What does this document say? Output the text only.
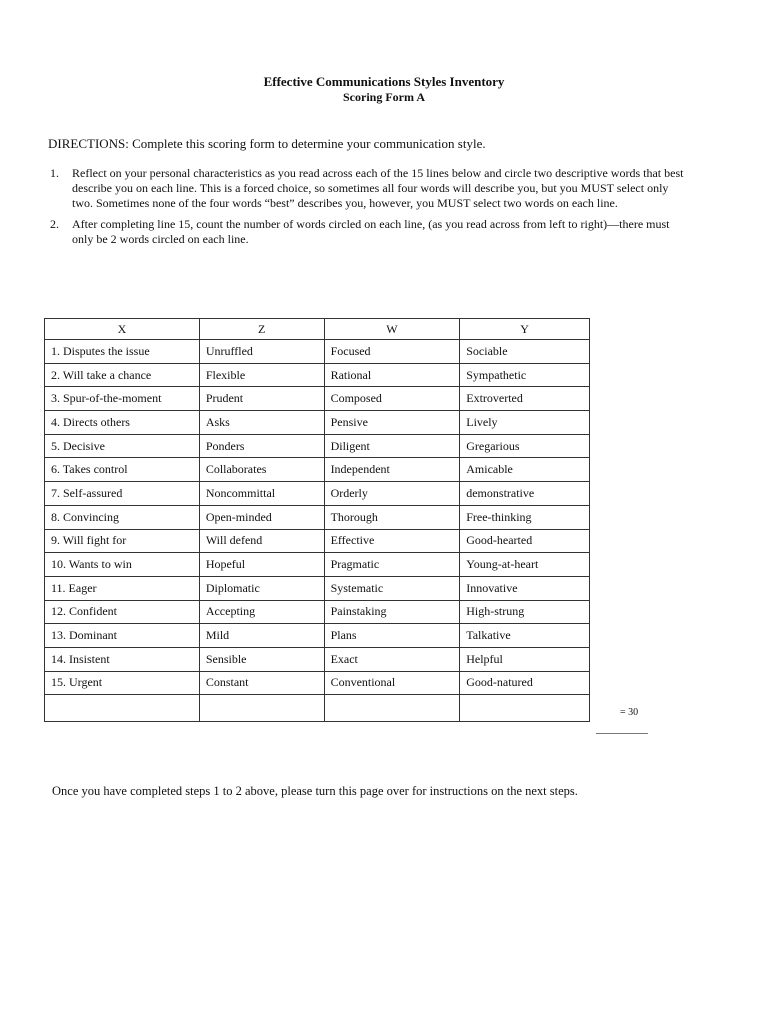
Effective Communications Styles Inventory
Scoring Form A
DIRECTIONS: Complete this scoring form to determine your communication style.
1. Reflect on your personal characteristics as you read across each of the 15 lines below and circle two descriptive words that best describe you on each line. This is a forced choice, so sometimes all four words will describe you, but you MUST select only two. Sometimes none of the four words “best” describes you, however, you MUST select two words on each line.
2. After completing line 15, count the number of words circled on each line, (as you read across from left to right)—there must only be 2 words circled on each line.
X	Z	W	Y
1. Disputes the issue	Unruffled	Focused	Sociable
2. Will take a chance	Flexible	Rational	Sympathetic
3. Spur-of-the-moment	Prudent	Composed	Extroverted
4. Directs others	Asks	Pensive	Lively
5. Decisive	Ponders	Diligent	Gregarious
6. Takes control	Collaborates	Independent	Amicable
7. Self-assured	Noncommittal	Orderly	demonstrative
8. Convincing	Open-minded	Thorough	Free-thinking
9. Will fight for	Will defend	Effective	Good-hearted
10. Wants to win	Hopeful	Pragmatic	Young-at-heart
11. Eager	Diplomatic	Systematic	Innovative
12. Confident	Accepting	Painstaking	High-strung
13. Dominant	Mild	Plans	Talkative
14. Insistent	Sensible	Exact	Helpful
15. Urgent	Constant	Conventional	Good-natured

= 30
Once you have completed steps 1 to 2 above, please turn this page over for instructions on the next steps.
